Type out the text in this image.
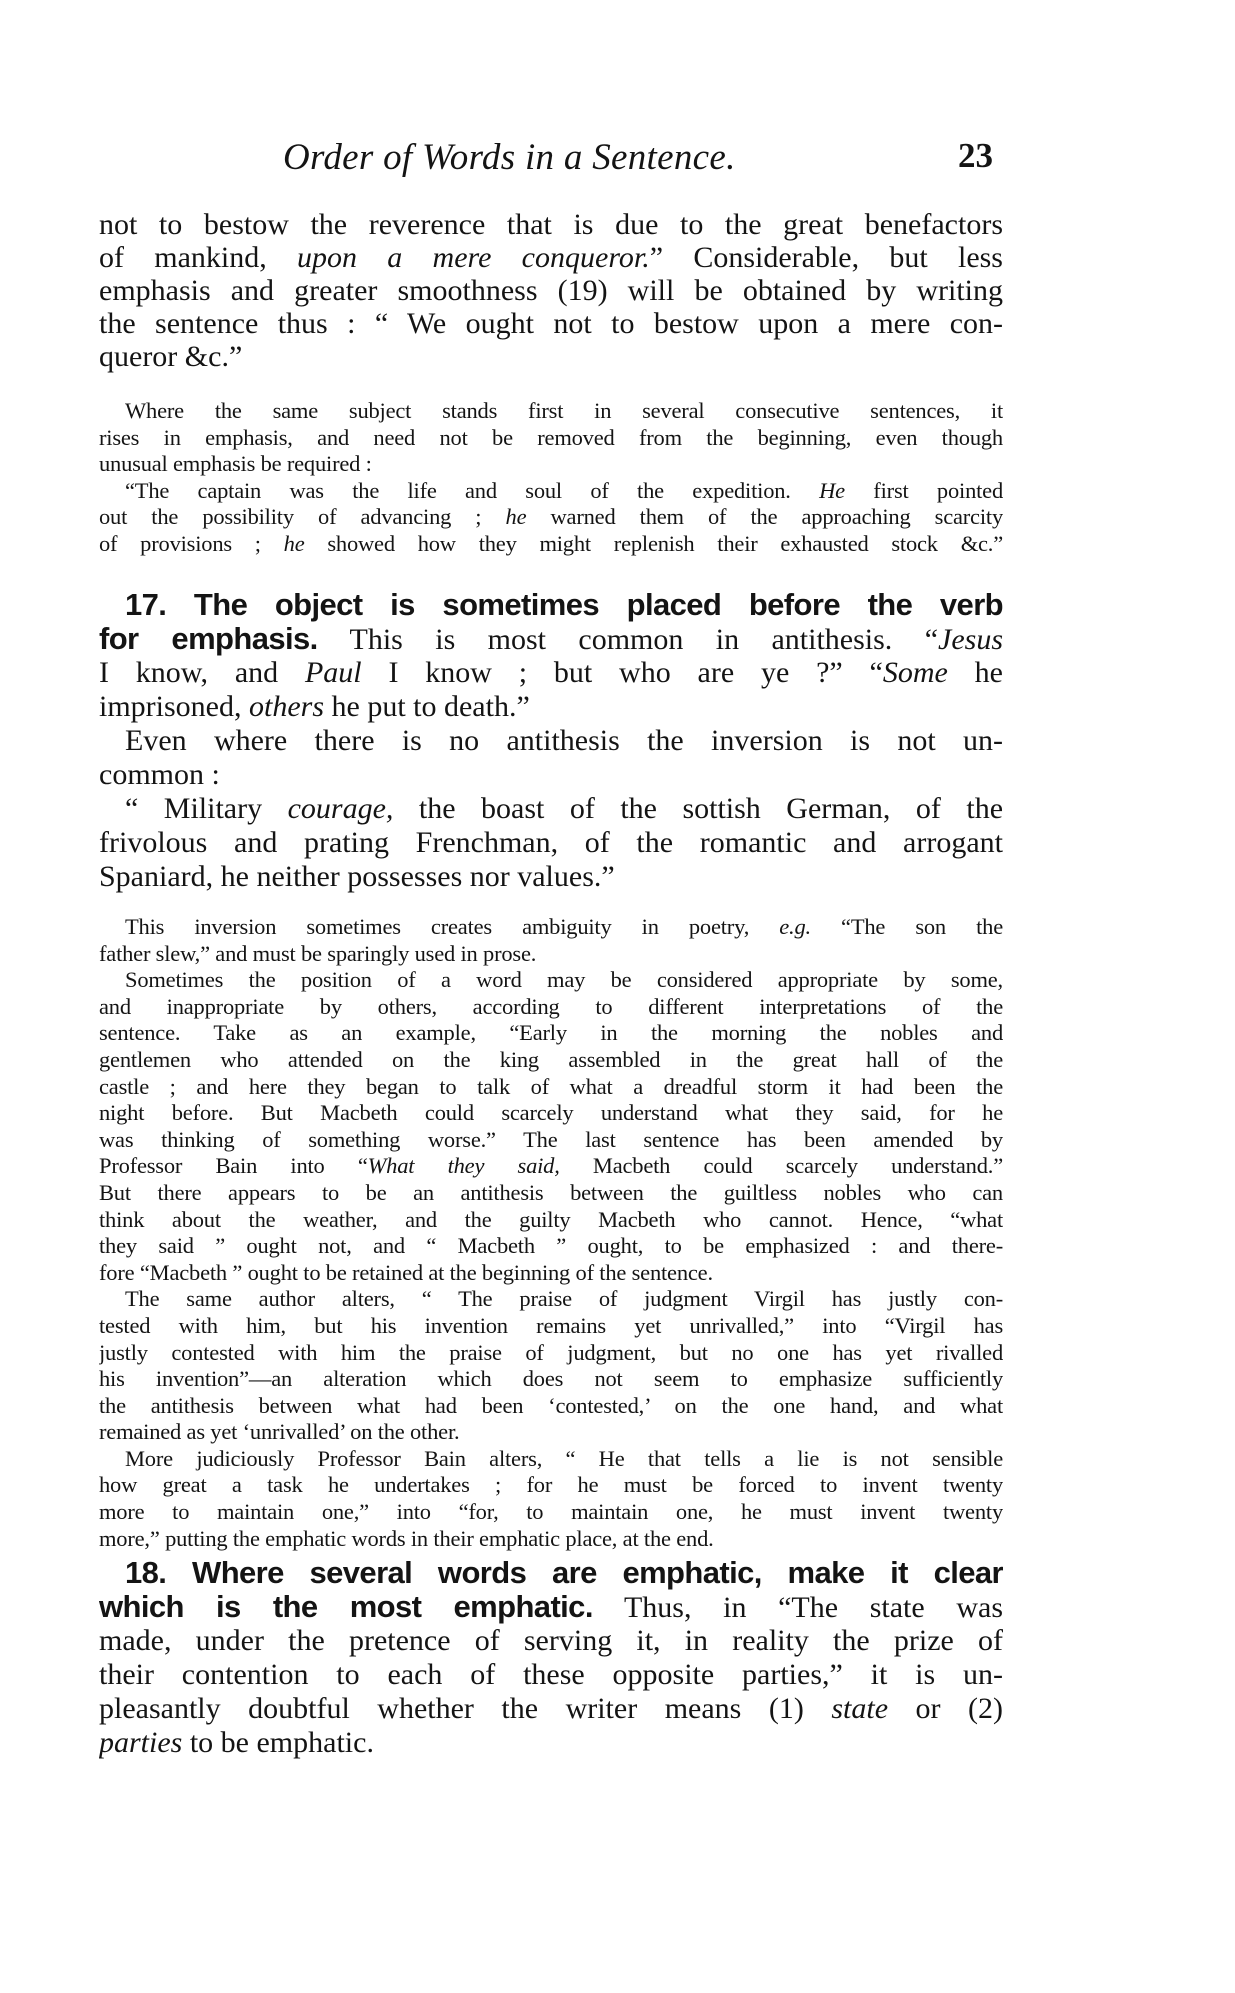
Order of Words in a Sentence.	23
not to bestow the reverence that is due to the great benefactors
of mankind, upon a mere conqueror.” Considerable, but less
emphasis and greater smoothness (19) will be obtained by writing
the sentence thus : “ We ought not to bestow upon a mere con-
queror &c.”
Where the same subject stands first in several consecutive sentences, it
rises in emphasis, and need not be removed from the beginning, even though
unusual emphasis be required :
“The captain was the life and soul of the expedition. He first pointed
out the possibility of advancing ; he warned them of the approaching scarcity
of provisions ; he showed how they might replenish their exhausted stock &c.”
17. The object is sometimes placed before the verb
for emphasis. This is most common in antithesis. “Jesus
I know, and Paul I know ; but who are ye ?” “Some he
imprisoned, others he put to death.”
Even where there is no antithesis the inversion is not un-
common :
“ Military courage, the boast of the sottish German, of the
frivolous and prating Frenchman, of the romantic and arrogant
Spaniard, he neither possesses nor values.”
This inversion sometimes creates ambiguity in poetry, e.g. “The son the
father slew,” and must be sparingly used in prose.
Sometimes the position of a word may be considered appropriate by some,
and inappropriate by others, according to different interpretations of the
sentence. Take as an example, “Early in the morning the nobles and
gentlemen who attended on the king assembled in the great hall of the
castle ; and here they began to talk of what a dreadful storm it had been the
night before. But Macbeth could scarcely understand what they said, for he
was thinking of something worse.” The last sentence has been amended by
Professor Bain into “What they said, Macbeth could scarcely understand.”
But there appears to be an antithesis between the guiltless nobles who can
think about the weather, and the guilty Macbeth who cannot. Hence, “what
they said ” ought not, and “ Macbeth ” ought, to be emphasized : and there-
fore “Macbeth ” ought to be retained at the beginning of the sentence.
The same author alters, “ The praise of judgment Virgil has justly con-
tested with him, but his invention remains yet unrivalled,” into “Virgil has
justly contested with him the praise of judgment, but no one has yet rivalled
his invention”—an alteration which does not seem to emphasize sufficiently
the antithesis between what had been ‘contested,’ on the one hand, and what
remained as yet ‘unrivalled’ on the other.
More judiciously Professor Bain alters, “ He that tells a lie is not sensible
how great a task he undertakes ; for he must be forced to invent twenty
more to maintain one,” into “for, to maintain one, he must invent twenty
more,” putting the emphatic words in their emphatic place, at the end.
18. Where several words are emphatic, make it clear
which is the most emphatic. Thus, in “The state was
made, under the pretence of serving it, in reality the prize of
their contention to each of these opposite parties,” it is un-
pleasantly doubtful whether the writer means (1) state or (2)
parties to be emphatic.
